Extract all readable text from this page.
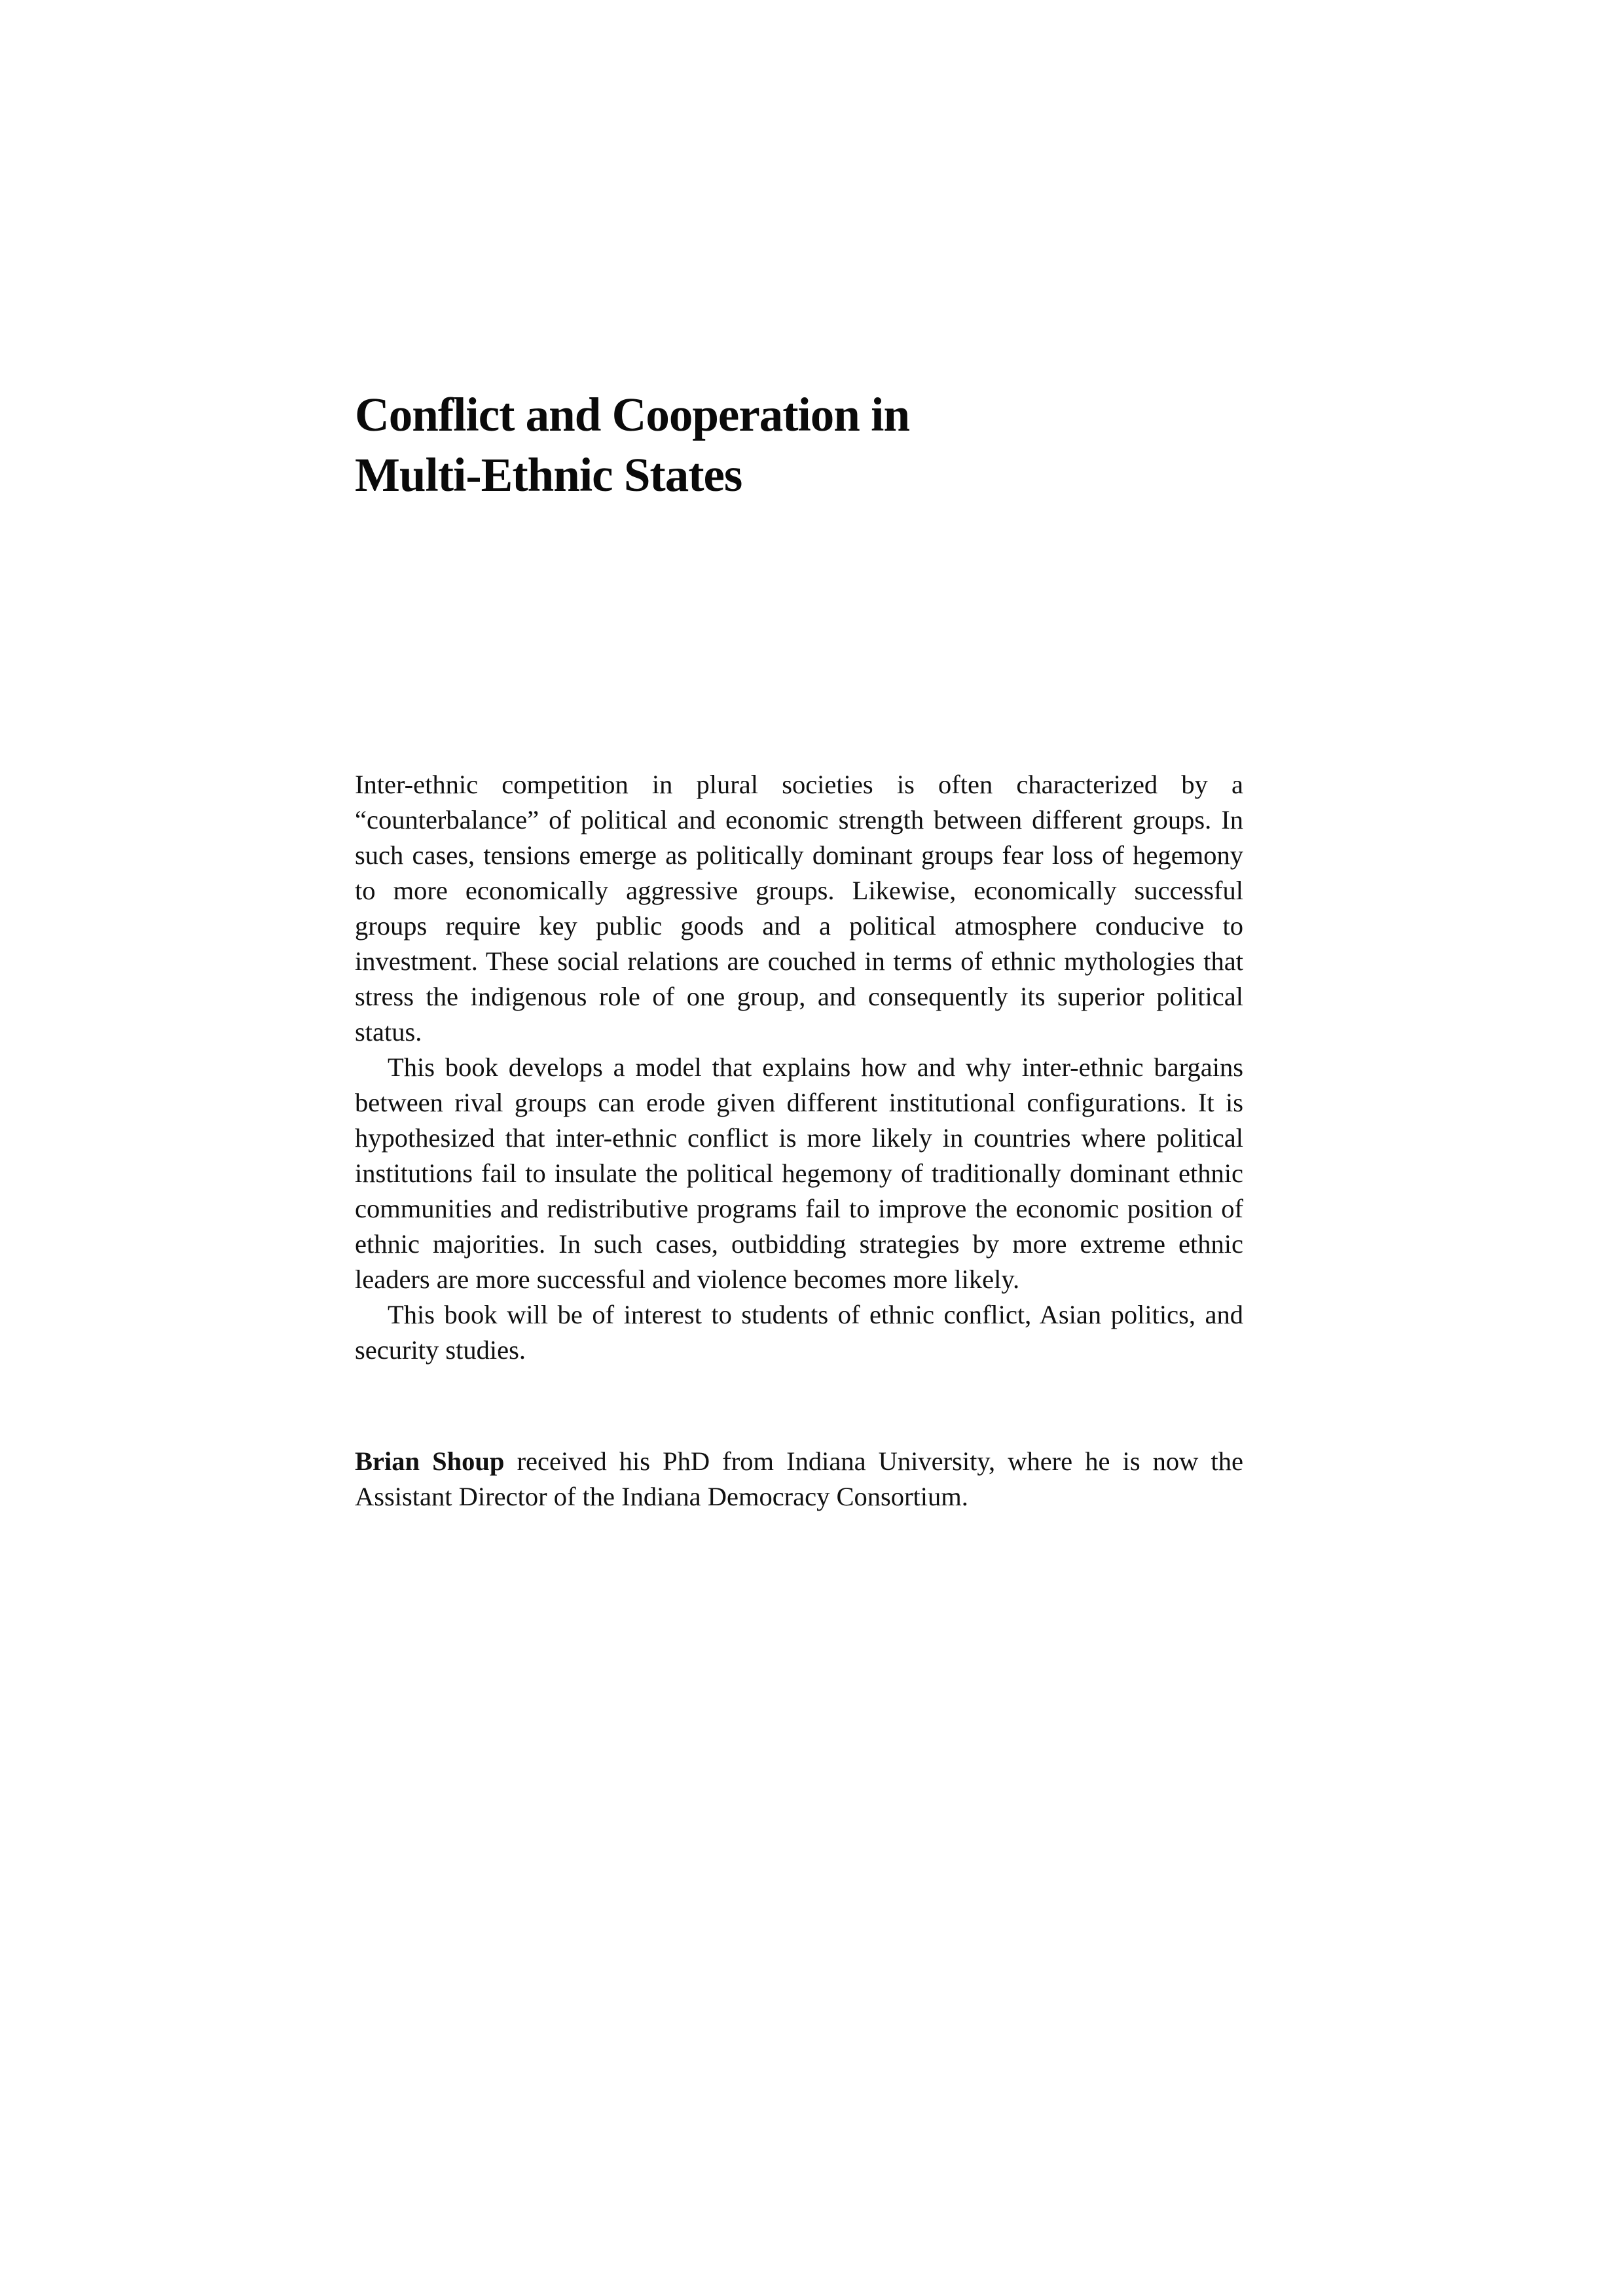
Conflict and Cooperation in
Multi-Ethnic States

Inter-ethnic competition in plural societies is often characterized by a “counterbalance” of political and economic strength between different groups. In such cases, tensions emerge as politically dominant groups fear loss of hegemony to more economically aggressive groups. Likewise, economically successful groups require key public goods and a political atmosphere conducive to investment. These social relations are couched in terms of ethnic mythologies that stress the indigenous role of one group, and consequently its superior political status.

This book develops a model that explains how and why inter-ethnic bargains between rival groups can erode given different institutional configurations. It is hypothesized that inter-ethnic conflict is more likely in countries where political institutions fail to insulate the political hegemony of traditionally dominant ethnic communities and redistributive programs fail to improve the economic position of ethnic majorities. In such cases, outbidding strategies by more extreme ethnic leaders are more successful and violence becomes more likely.

This book will be of interest to students of ethnic conflict, Asian politics, and security studies.

Brian Shoup received his PhD from Indiana University, where he is now the Assistant Director of the Indiana Democracy Consortium.
